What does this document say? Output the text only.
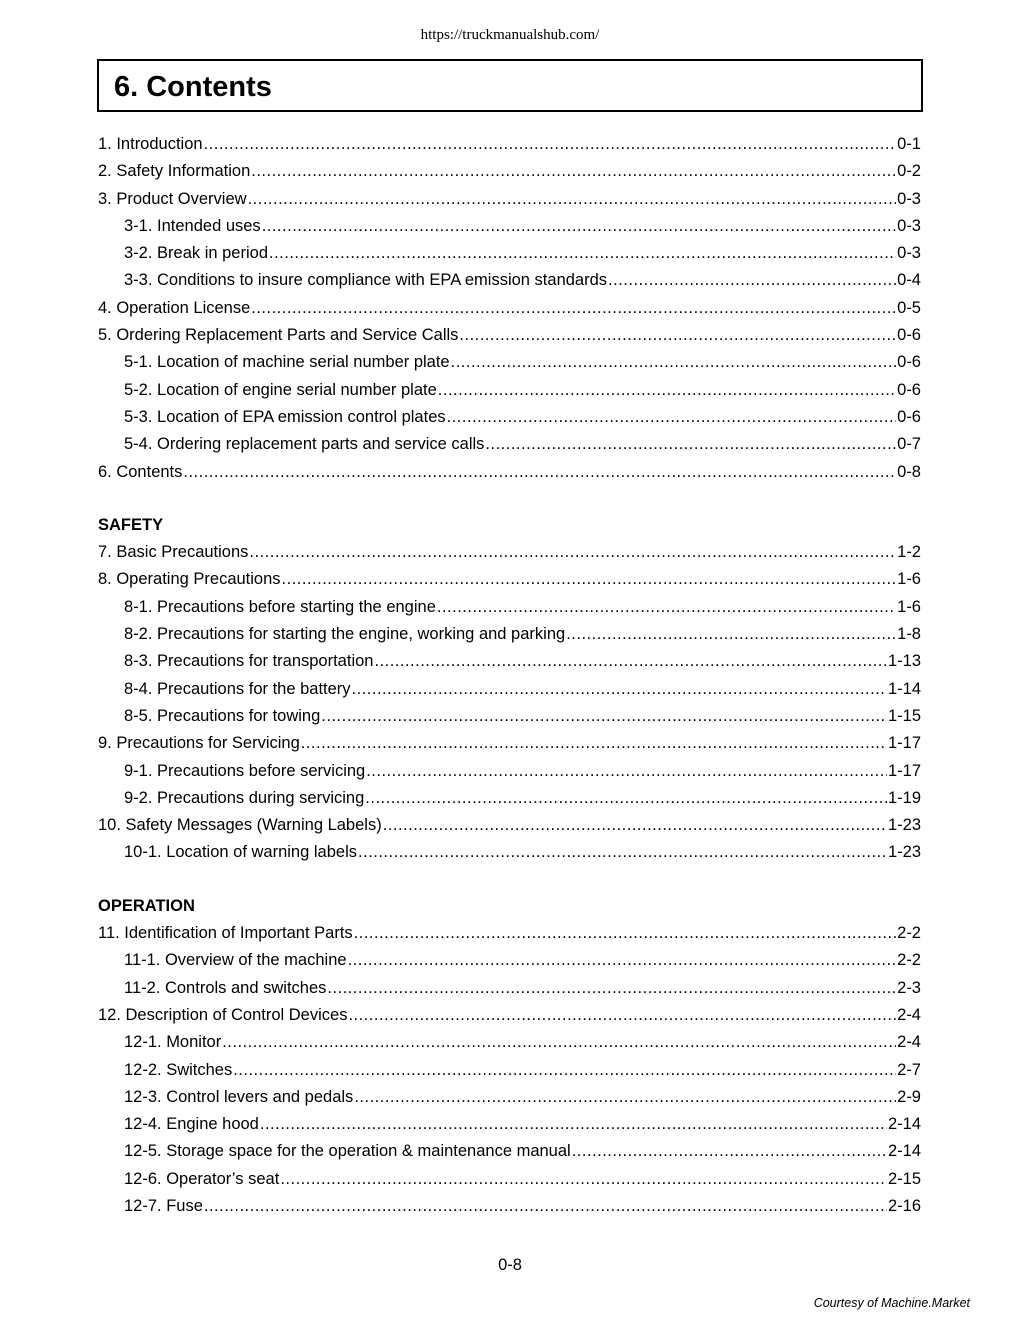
https://truckmanualshub.com/
6. Contents
1. Introduction .....	0-1
2. Safety Information .....	0-2
3. Product Overview .....	0-3
3-1. Intended uses .....	0-3
3-2. Break in period .....	0-3
3-3. Conditions to insure compliance with EPA emission standards .....	0-4
4. Operation License .....	0-5
5. Ordering Replacement Parts and Service Calls .....	0-6
5-1. Location of machine serial number plate .....	0-6
5-2. Location of engine serial number plate .....	0-6
5-3. Location of EPA emission control plates .....	0-6
5-4. Ordering replacement parts and service calls .....	0-7
6. Contents .....	0-8
SAFETY
7. Basic Precautions .....	1-2
8. Operating Precautions .....	1-6
8-1. Precautions before starting the engine .....	1-6
8-2. Precautions for starting the engine, working and parking .....	1-8
8-3. Precautions for transportation .....	1-13
8-4. Precautions for the battery .....	1-14
8-5. Precautions for towing .....	1-15
9. Precautions for Servicing .....	1-17
9-1. Precautions before servicing .....	1-17
9-2. Precautions during servicing .....	1-19
10. Safety Messages (Warning Labels) .....	1-23
10-1. Location of warning labels .....	1-23
OPERATION
11. Identification of Important Parts .....	2-2
11-1. Overview of the machine .....	2-2
11-2. Controls and switches .....	2-3
12. Description of Control Devices .....	2-4
12-1. Monitor .....	2-4
12-2. Switches .....	2-7
12-3. Control levers and pedals .....	2-9
12-4. Engine hood .....	2-14
12-5. Storage space for the operation & maintenance manual .....	2-14
12-6. Operator’s seat .....	2-15
12-7. Fuse .....	2-16
0-8
Courtesy of Machine.Market
